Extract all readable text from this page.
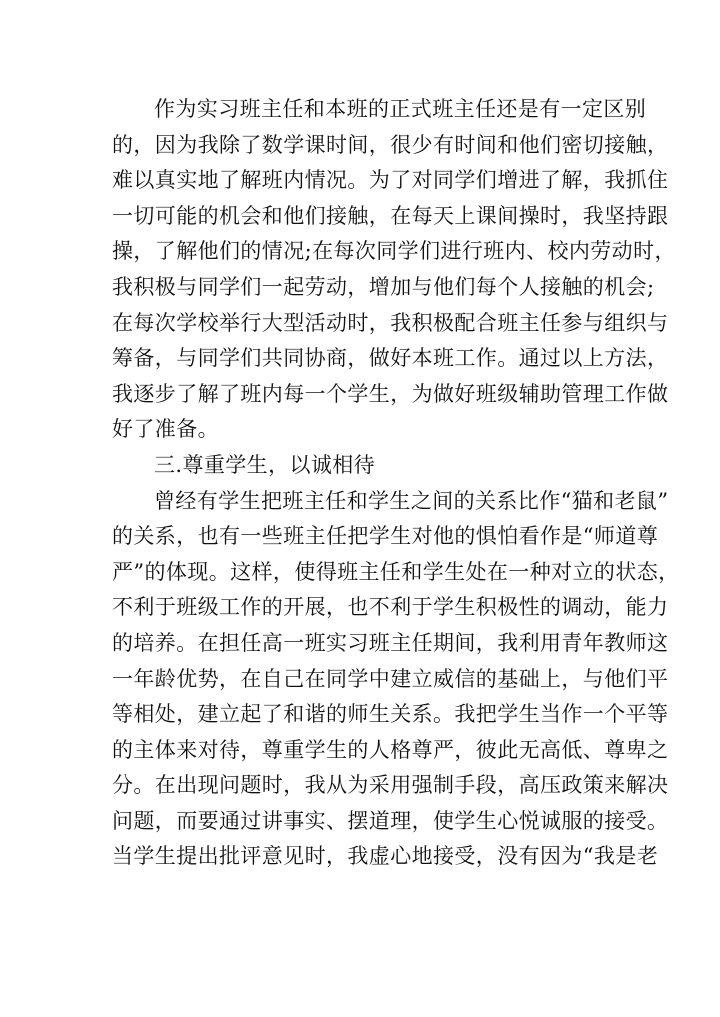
作为实习班主任和本班的正式班主任还是有一定区别
的，因为我除了数学课时间，很少有时间和他们密切接触，
难以真实地了解班内情况。为了对同学们增进了解，我抓住
一切可能的机会和他们接触，在每天上课间操时，我坚持跟
操，了解他们的情况;在每次同学们进行班内、校内劳动时，
我积极与同学们一起劳动，增加与他们每个人接触的机会;
在每次学校举行大型活动时，我积极配合班主任参与组织与
筹备，与同学们共同协商，做好本班工作。通过以上方法，
我逐步了解了班内每一个学生，为做好班级辅助管理工作做
好了准备。
三.尊重学生，以诚相待
曾经有学生把班主任和学生之间的关系比作“猫和老鼠”
的关系，也有一些班主任把学生对他的惧怕看作是“师道尊
严”的体现。这样，使得班主任和学生处在一种对立的状态，
不利于班级工作的开展，也不利于学生积极性的调动，能力
的培养。在担任高一班实习班主任期间，我利用青年教师这
一年龄优势，在自己在同学中建立威信的基础上，与他们平
等相处，建立起了和谐的师生关系。我把学生当作一个平等
的主体来对待，尊重学生的人格尊严，彼此无高低、尊卑之
分。在出现问题时，我从为采用强制手段，高压政策来解决
问题，而要通过讲事实、摆道理，使学生心悦诚服的接受。
当学生提出批评意见时，我虚心地接受，没有因为“我是老
